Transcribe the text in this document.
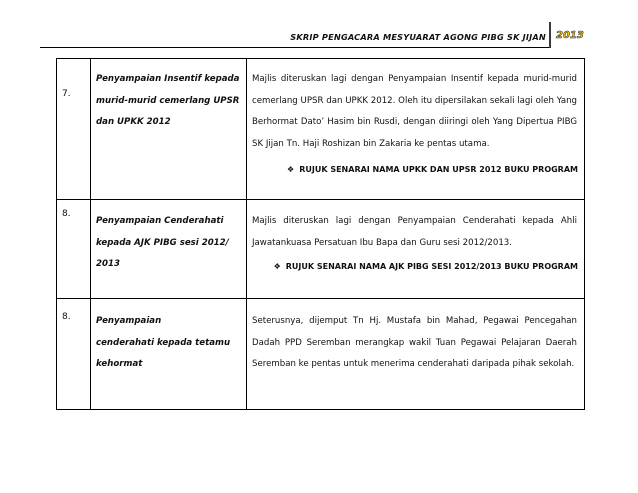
SKRIP PENGACARA MESYUARAT AGONG PIBG SK JIJAN 2013
7.	Penyampaian Insentif kepada murid-murid cemerlang UPSR dan UPKK 2012	Majlis diteruskan lagi dengan Penyampaian Insentif kepada murid-murid cemerlang UPSR dan UPKK 2012. Oleh itu dipersilakan sekali lagi oleh Yang Berhormat Dato’ Hasim bin Rusdi, dengan diiringi oleh Yang Dipertua PIBG SK Jijan Tn. Haji Roshizan bin Zakaria ke pentas utama.
❖ RUJUK SENARAI NAMA UPKK DAN UPSR 2012 BUKU PROGRAM

8.	Penyampaian Cenderahati kepada AJK PIBG sesi 2012/ 2013	Majlis diteruskan lagi dengan Penyampaian Cenderahati kepada Ahli Jawatankuasa Persatuan Ibu Bapa dan Guru sesi 2012/2013.
❖ RUJUK SENARAI NAMA AJK PIBG SESI 2012/2013 BUKU PROGRAM

8.	Penyampaian        cenderahati kepada tetamu kehormat	Seterusnya, dijemput Tn Hj. Mustafa bin Mahad, Pegawai Pencegahan Dadah PPD Seremban merangkap wakil Tuan Pegawai Pelajaran Daerah Seremban ke pentas untuk menerima cenderahati daripada pihak sekolah.
